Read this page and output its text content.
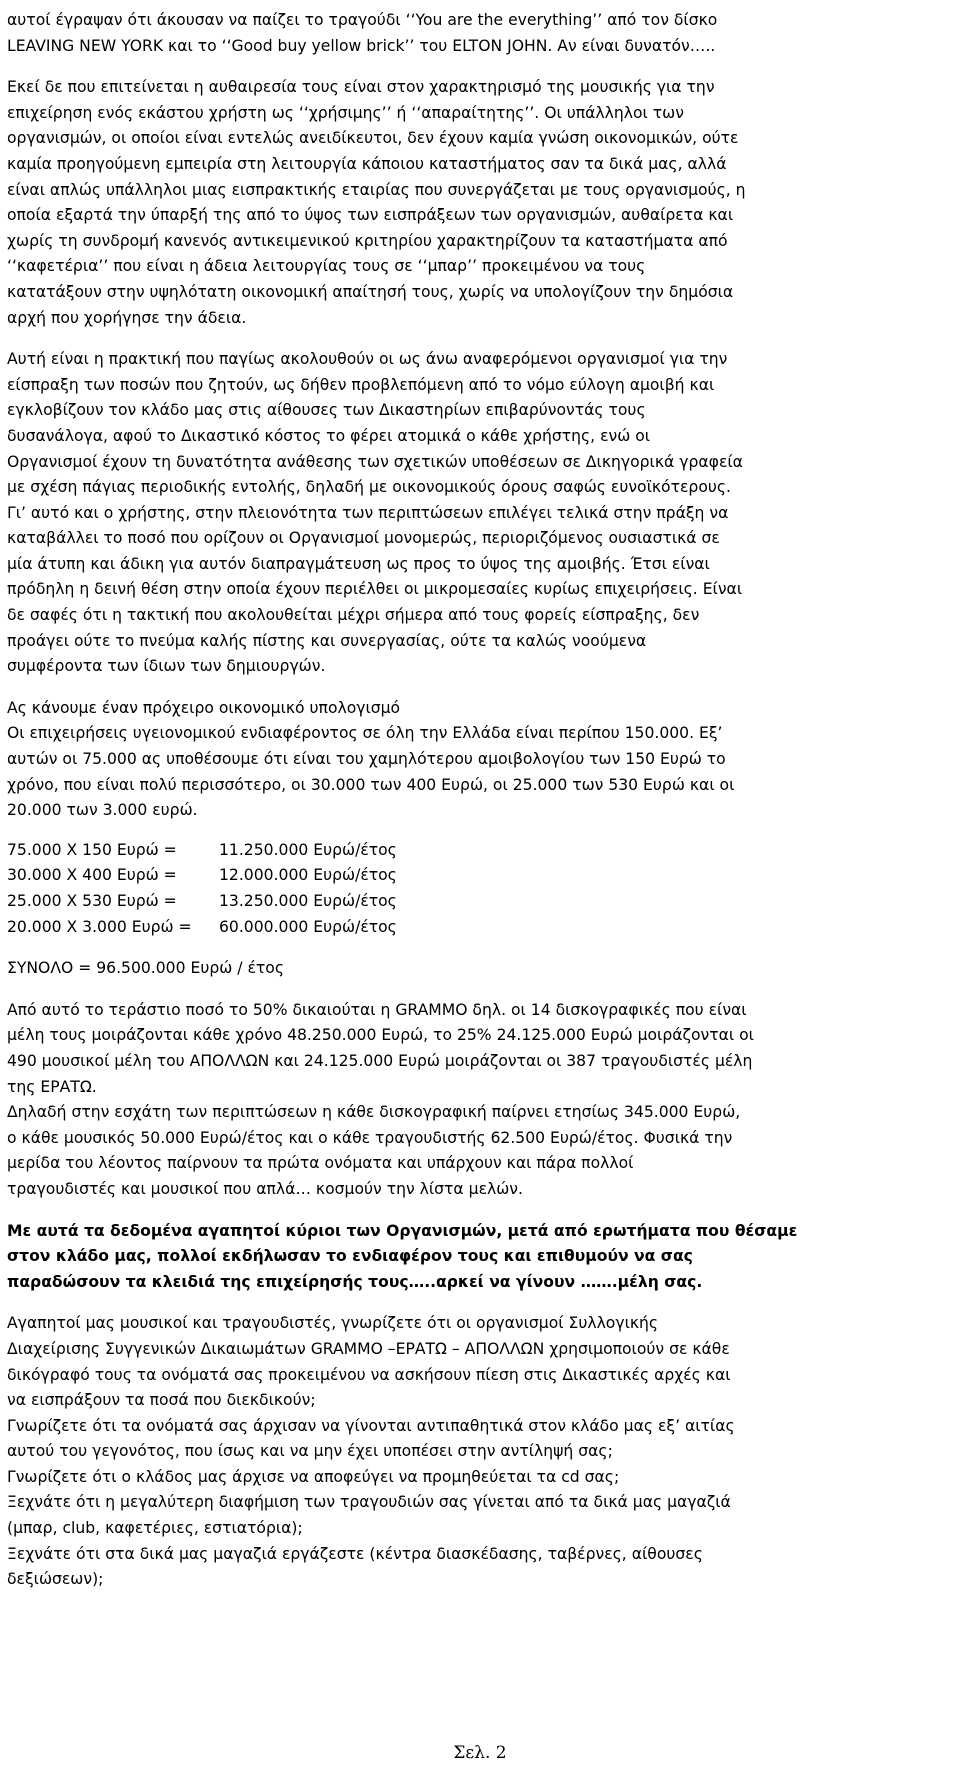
αυτοί έγραψαν ότι άκουσαν να παίζει το τραγούδι ‘‘You are the everything’’ από τον δίσκο
LEAVING NEW YORK και το ‘‘Good buy yellow brick’’ του ELTON JOHN. Αν είναι δυνατόν…..

Εκεί δε που επιτείνεται η αυθαιρεσία τους είναι στον χαρακτηρισμό της μουσικής για την
επιχείρηση ενός εκάστου χρήστη ως ‘‘χρήσιμης’’ ή ‘‘απαραίτητης’’. Οι υπάλληλοι των
οργανισμών, οι οποίοι είναι εντελώς ανειδίκευτοι, δεν έχουν καμία γνώση οικονομικών, ούτε
καμία προηγούμενη εμπειρία στη λειτουργία κάποιου καταστήματος σαν τα δικά μας, αλλά
είναι απλώς υπάλληλοι μιας εισπρακτικής εταιρίας που συνεργάζεται με τους οργανισμούς, η
οποία εξαρτά την ύπαρξή της από το ύψος των εισπράξεων των οργανισμών, αυθαίρετα και
χωρίς τη συνδρομή κανενός αντικειμενικού κριτηρίου χαρακτηρίζουν τα καταστήματα από
‘‘καφετέρια’’ που είναι η άδεια λειτουργίας τους σε ‘‘μπαρ’’ προκειμένου να τους
κατατάξουν στην υψηλότατη οικονομική απαίτησή τους, χωρίς να υπολογίζουν την δημόσια
αρχή που χορήγησε την άδεια.

Αυτή είναι η πρακτική που παγίως ακολουθούν οι ως άνω αναφερόμενοι οργανισμοί για την
είσπραξη των ποσών που ζητούν, ως δήθεν προβλεπόμενη από το νόμο εύλογη αμοιβή και
εγκλοβίζουν τον κλάδο μας στις αίθουσες των Δικαστηρίων επιβαρύνοντάς τους
δυσανάλογα, αφού το Δικαστικό κόστος το φέρει ατομικά ο κάθε χρήστης, ενώ οι
Οργανισμοί έχουν τη δυνατότητα ανάθεσης των σχετικών υποθέσεων σε Δικηγορικά γραφεία
με σχέση πάγιας περιοδικής εντολής, δηλαδή με οικονομικούς όρους σαφώς ευνοϊκότερους.
Γι’ αυτό και ο χρήστης, στην πλειονότητα των περιπτώσεων επιλέγει τελικά στην πράξη να
καταβάλλει το ποσό που ορίζουν οι Οργανισμοί μονομερώς, περιοριζόμενος ουσιαστικά σε
μία άτυπη και άδικη για αυτόν διαπραγμάτευση ως προς το ύψος της αμοιβής. Έτσι είναι
πρόδηλη η δεινή θέση στην οποία έχουν περιέλθει οι μικρομεσαίες κυρίως επιχειρήσεις. Είναι
δε σαφές ότι η τακτική που ακολουθείται μέχρι σήμερα από τους φορείς είσπραξης, δεν
προάγει ούτε το πνεύμα καλής πίστης και συνεργασίας, ούτε τα καλώς νοούμενα
συμφέροντα των ίδιων των δημιουργών.

Ας κάνουμε έναν πρόχειρο οικονομικό υπολογισμό
Οι επιχειρήσεις υγειονομικού ενδιαφέροντος σε όλη την Ελλάδα είναι περίπου 150.000. Εξ’
αυτών οι 75.000 ας υποθέσουμε ότι είναι του χαμηλότερου αμοιβολογίου των 150 Ευρώ το
χρόνο, που είναι πολύ περισσότερο, οι 30.000 των 400 Ευρώ, οι 25.000 των 530 Ευρώ και οι
20.000 των 3.000 ευρώ.

75.000 Χ 150 Ευρώ =	11.250.000 Ευρώ/έτος
30.000 Χ 400 Ευρώ =	12.000.000 Ευρώ/έτος
25.000 Χ 530 Ευρώ =	13.250.000 Ευρώ/έτος
20.000 Χ 3.000 Ευρώ =	60.000.000 Ευρώ/έτος

ΣΥΝΟΛΟ = 96.500.000 Ευρώ / έτος

Από αυτό το τεράστιο ποσό το 50% δικαιούται η GRAMMO δηλ. οι 14 δισκογραφικές που είναι
μέλη τους μοιράζονται κάθε χρόνο 48.250.000 Ευρώ, το 25% 24.125.000 Ευρώ μοιράζονται οι
490 μουσικοί μέλη του ΑΠΟΛΛΩΝ και 24.125.000 Ευρώ μοιράζονται οι 387 τραγουδιστές μέλη
της ΕΡΑΤΩ.
Δηλαδή στην εσχάτη των περιπτώσεων η κάθε δισκογραφική παίρνει ετησίως 345.000 Ευρώ,
ο κάθε μουσικός 50.000 Ευρώ/έτος και ο κάθε τραγουδιστής 62.500 Ευρώ/έτος. Φυσικά την
μερίδα του λέοντος παίρνουν τα πρώτα ονόματα και υπάρχουν και πάρα πολλοί
τραγουδιστές και μουσικοί που απλά… κοσμούν την λίστα μελών.

Με αυτά τα δεδομένα αγαπητοί κύριοι των Οργανισμών, μετά από ερωτήματα που θέσαμε
στον κλάδο μας, πολλοί εκδήλωσαν το ενδιαφέρον τους και επιθυμούν να σας
παραδώσουν τα κλειδιά της επιχείρησής τους…..αρκεί να γίνουν …….μέλη σας.

Αγαπητοί μας μουσικοί και τραγουδιστές, γνωρίζετε ότι οι οργανισμοί Συλλογικής
Διαχείρισης Συγγενικών Δικαιωμάτων GRAMMO –ΕΡΑΤΩ – ΑΠΟΛΛΩΝ χρησιμοποιούν σε κάθε
δικόγραφό τους τα ονόματά σας προκειμένου να ασκήσουν πίεση στις Δικαστικές αρχές και
να εισπράξουν τα ποσά που διεκδικούν;
Γνωρίζετε ότι τα ονόματά σας άρχισαν να γίνονται αντιπαθητικά στον κλάδο μας εξ’ αιτίας
αυτού του γεγονότος, που ίσως και να μην έχει υποπέσει στην αντίληψή σας;
Γνωρίζετε ότι ο κλάδος μας άρχισε να αποφεύγει να προμηθεύεται τα cd σας;
Ξεχνάτε ότι η μεγαλύτερη διαφήμιση των τραγουδιών σας γίνεται από τα δικά μας μαγαζιά
(μπαρ, club, καφετέριες, εστιατόρια);
Ξεχνάτε ότι στα δικά μας μαγαζιά εργάζεστε (κέντρα διασκέδασης, ταβέρνες, αίθουσες
δεξιώσεων);

Σελ. 2
